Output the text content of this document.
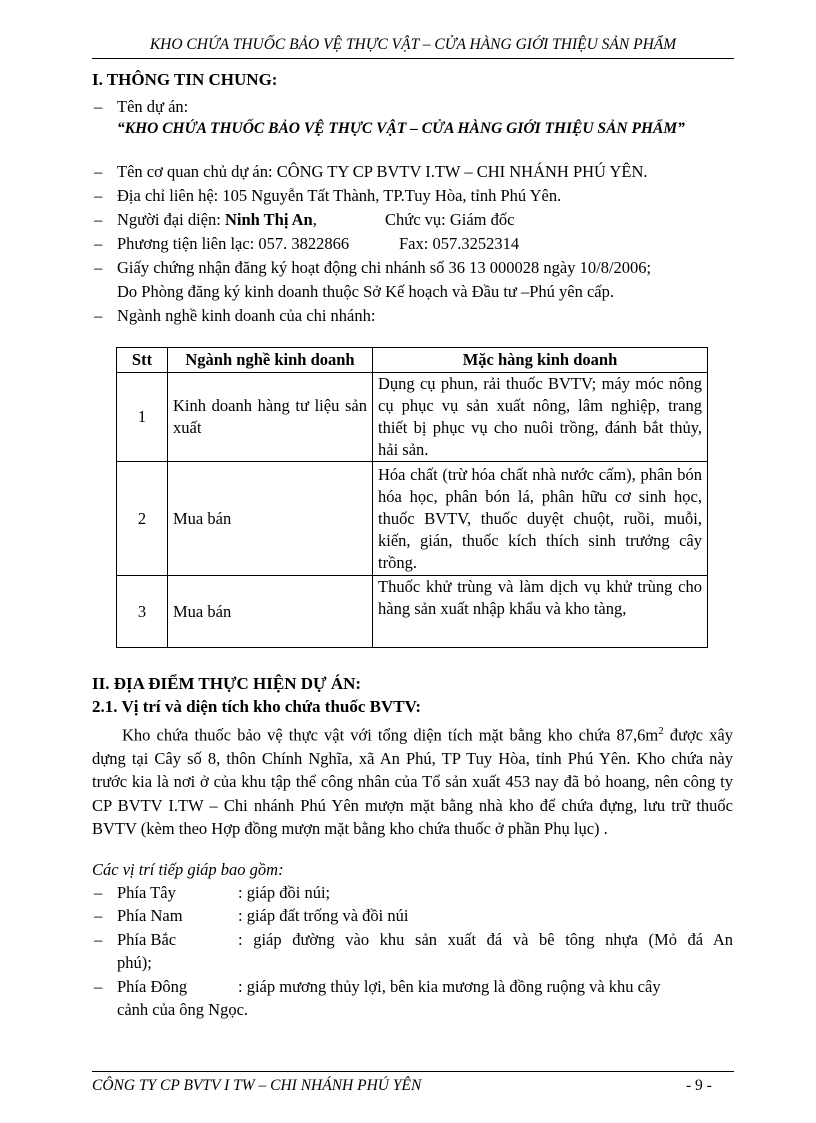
KHO CHỨA THUỐC BẢO VỆ THỰC VẬT – CỬA HÀNG GIỚI THIỆU SẢN PHẨM
I. THÔNG TIN CHUNG:
– Tên dự án:
“KHO CHỨA THUỐC BẢO VỆ THỰC VẬT – CỬA HÀNG GIỚI THIỆU SẢN PHẨM”
– Tên cơ quan chủ dự án: CÔNG TY CP BVTV I.TW – CHI NHÁNH PHÚ YÊN.
– Địa chỉ liên hệ: 105 Nguyễn Tất Thành, TP.Tuy Hòa, tỉnh Phú Yên.
– Người đại diện: Ninh Thị An,	Chức vụ: Giám đốc
– Phương tiện liên lạc: 057. 3822866	Fax: 057.3252314
– Giấy chứng nhận đăng ký hoạt động chi nhánh số 36 13 000028 ngày 10/8/2006;
Do Phòng đăng ký kinh doanh thuộc Sở Kế hoạch và Đầu tư –Phú yên cấp.
– Ngành nghề kinh doanh của chi nhánh:
Stt	Ngành nghề kinh doanh	Mặc hàng kinh doanh
1	Kinh doanh hàng tư liệu sản xuất	Dụng cụ phun, rải thuốc BVTV; máy móc nông cụ phục vụ sản xuất nông, lâm nghiệp, trang thiết bị phục vụ cho nuôi trồng, đánh bắt thủy, hải sản.
2	Mua bán	Hóa chất (trừ hóa chất nhà nước cấm), phân bón hóa học, phân bón lá, phân hữu cơ sinh học, thuốc BVTV, thuốc duyệt chuột, ruồi, muỗi, kiến, gián, thuốc kích thích sinh trưởng cây trồng.
3	Mua bán	Thuốc khử trùng và làm dịch vụ khử trùng cho hàng sản xuất nhập khẩu và kho tàng,
II. ĐỊA ĐIỂM THỰC HIỆN DỰ ÁN:
2.1. Vị trí và diện tích kho chứa thuốc BVTV:
Kho chứa thuốc bảo vệ thực vật với tổng diện tích mặt bằng kho chứa $87,6m^2$ được xây dựng tại Cây số 8, thôn Chính Nghĩa, xã An Phú, TP Tuy Hòa, tỉnh Phú Yên. Kho chứa này trước kia là nơi ở của khu tập thể công nhân của Tổ sản xuất 453 nay đã bỏ hoang, nên công ty CP BVTV I.TW – Chi nhánh Phú Yên mượn mặt bằng nhà kho để chứa đựng, lưu trữ thuốc BVTV (kèm theo Hợp đồng mượn mặt bằng kho chứa thuốc ở phần Phụ lục) .
Các vị trí tiếp giáp bao gồm:
– Phía Tây	: giáp đồi núi;
– Phía Nam	: giáp đất trống và đồi núi
– Phía Bắc	: giáp đường vào khu sản xuất đá và bê tông nhựa (Mỏ đá An
phú);
– Phía Đông	: giáp mương thủy lợi, bên kia mương là đồng ruộng và khu cây
cảnh của ông Ngọc.
CÔNG TY CP BVTV I TW – CHI NHÁNH PHÚ YÊN	- 9 -
